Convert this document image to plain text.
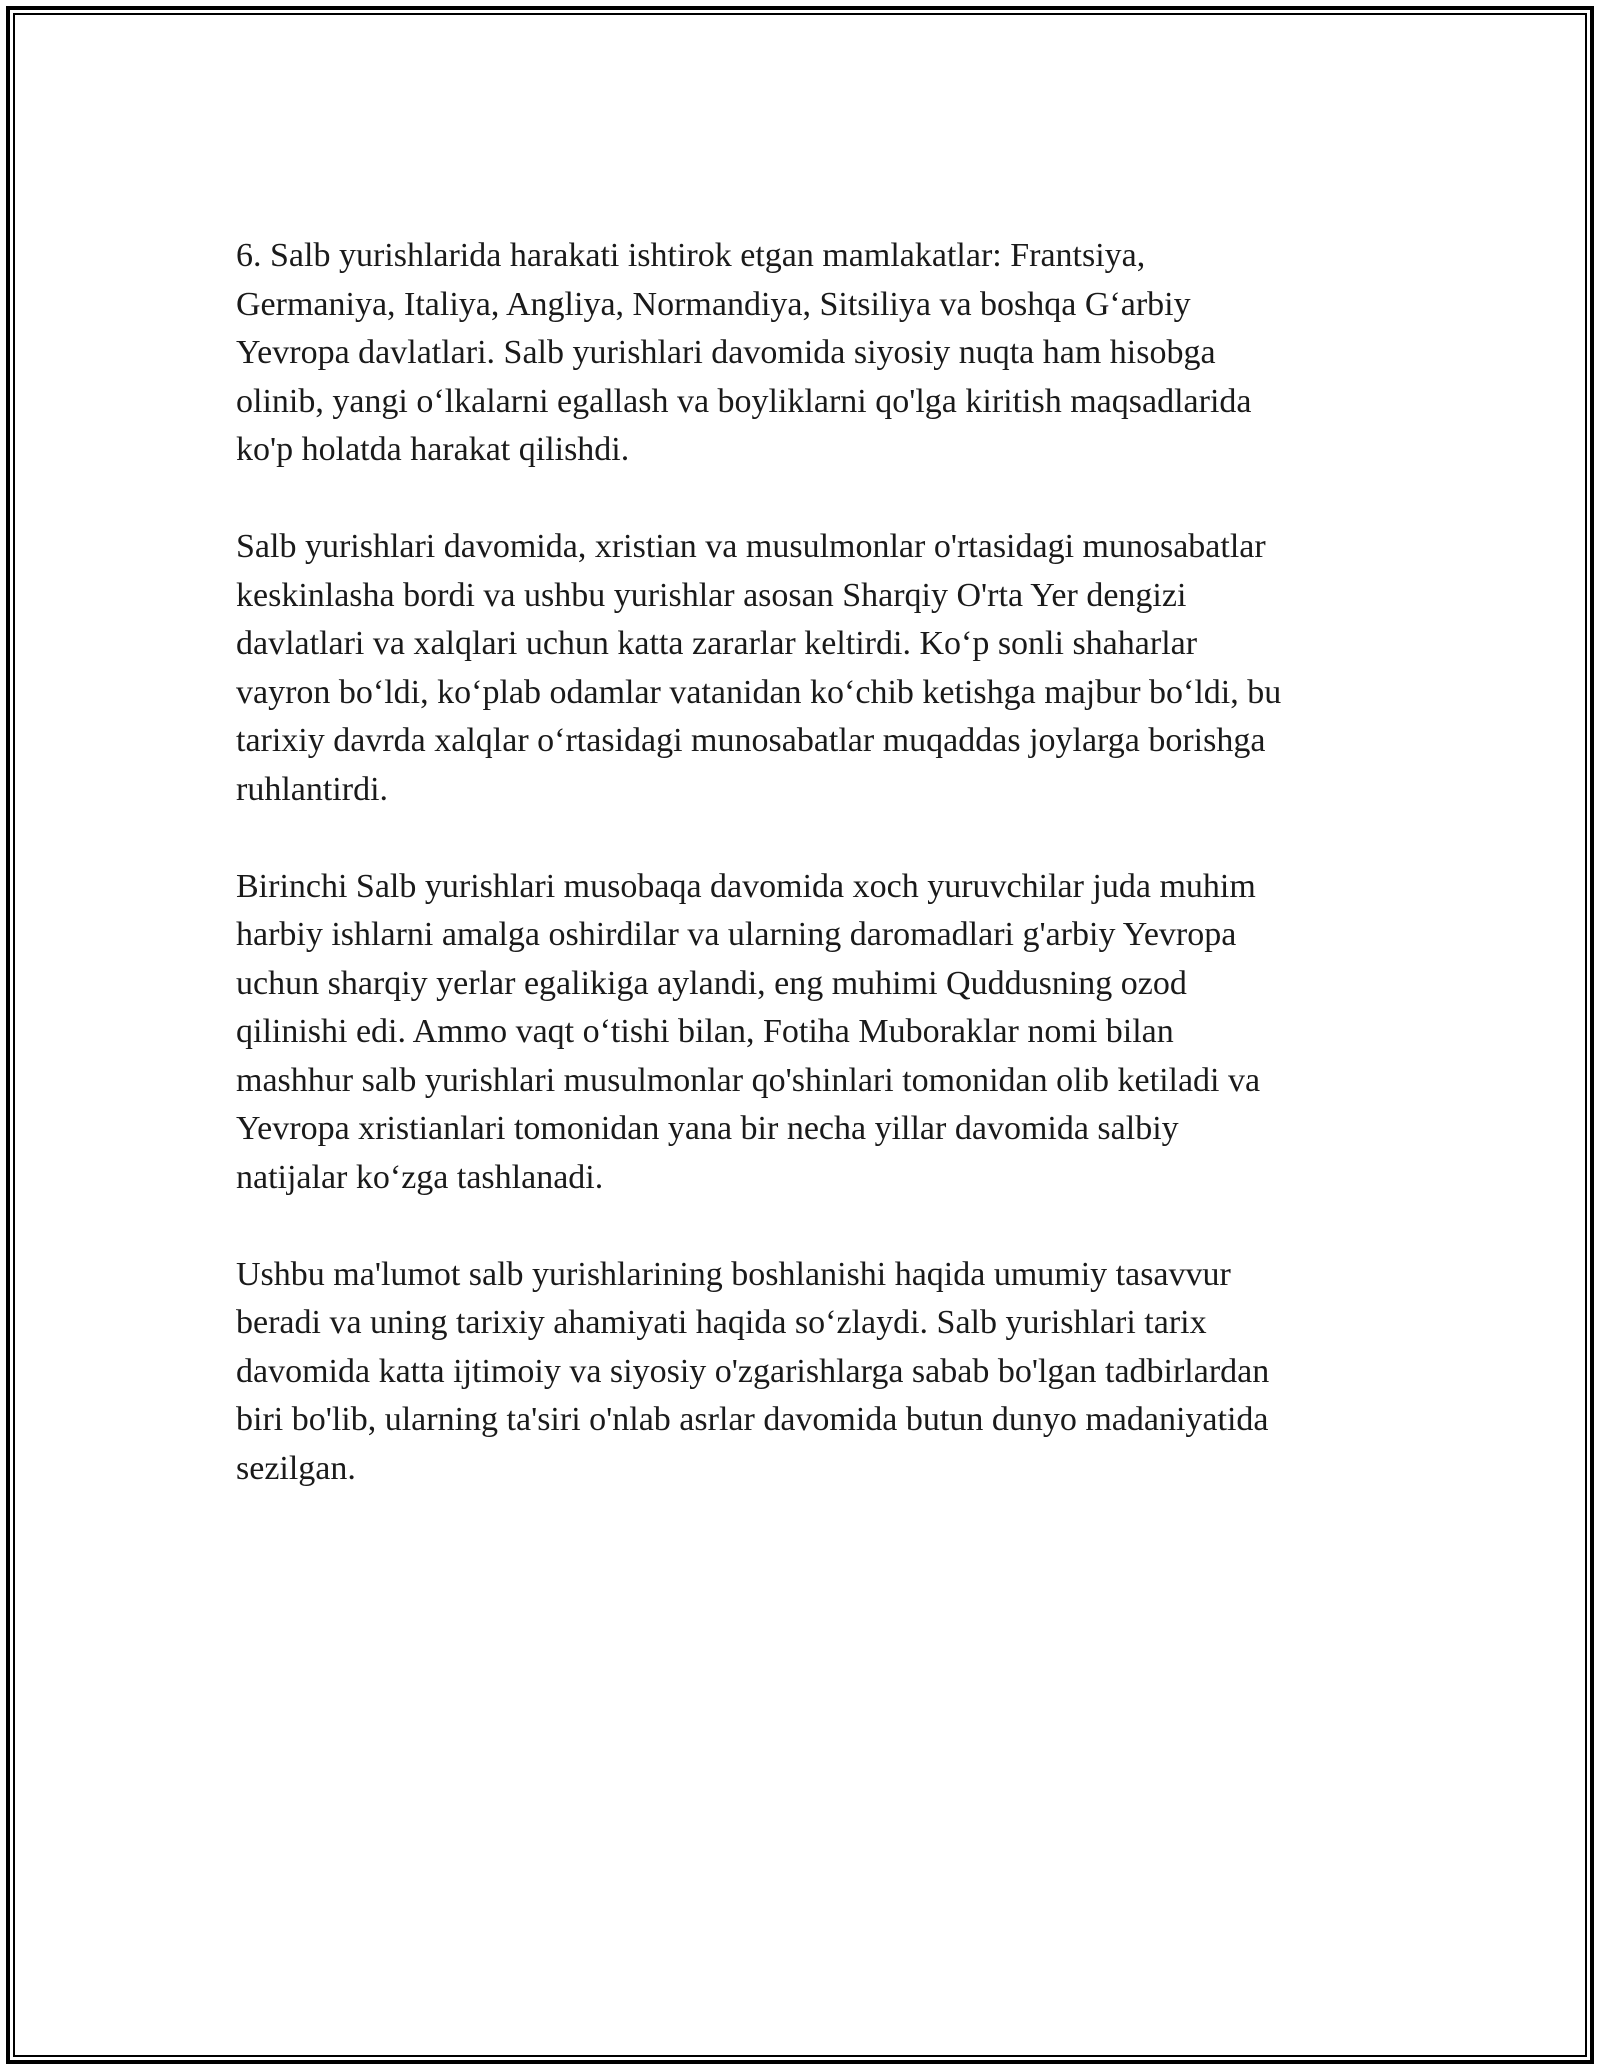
6. Salb yurishlarida harakati ishtirok etgan mamlakatlar: Frantsiya,
Germaniya, Italiya, Angliya, Normandiya, Sitsiliya va boshqa G‘arbiy
Yevropa davlatlari. Salb yurishlari davomida siyosiy nuqta ham hisobga
olinib, yangi o‘lkalarni egallash va boyliklarni qo'lga kiritish maqsadlarida
ko'p holatda harakat qilishdi.

Salb yurishlari davomida, xristian va musulmonlar o'rtasidagi munosabatlar
keskinlasha bordi va ushbu yurishlar asosan Sharqiy O'rta Yer dengizi
davlatlari va xalqlari uchun katta zararlar keltirdi. Ko‘p sonli shaharlar
vayron bo‘ldi, ko‘plab odamlar vatanidan ko‘chib ketishga majbur bo‘ldi, bu
tarixiy davrda xalqlar o‘rtasidagi munosabatlar muqaddas joylarga borishga
ruhlantirdi.

Birinchi Salb yurishlari musobaqa davomida xoch yuruvchilar juda muhim
harbiy ishlarni amalga oshirdilar va ularning daromadlari g'arbiy Yevropa
uchun sharqiy yerlar egalikiga aylandi, eng muhimi Quddusning ozod
qilinishi edi. Ammo vaqt o‘tishi bilan, Fotiha Muboraklar nomi bilan
mashhur salb yurishlari musulmonlar qo'shinlari tomonidan olib ketiladi va
Yevropa xristianlari tomonidan yana bir necha yillar davomida salbiy
natijalar ko‘zga tashlanadi.

Ushbu ma'lumot salb yurishlarining boshlanishi haqida umumiy tasavvur
beradi va uning tarixiy ahamiyati haqida so‘zlaydi. Salb yurishlari tarix
davomida katta ijtimoiy va siyosiy o'zgarishlarga sabab bo'lgan tadbirlardan
biri bo'lib, ularning ta'siri o'nlab asrlar davomida butun dunyo madaniyatida
sezilgan.
